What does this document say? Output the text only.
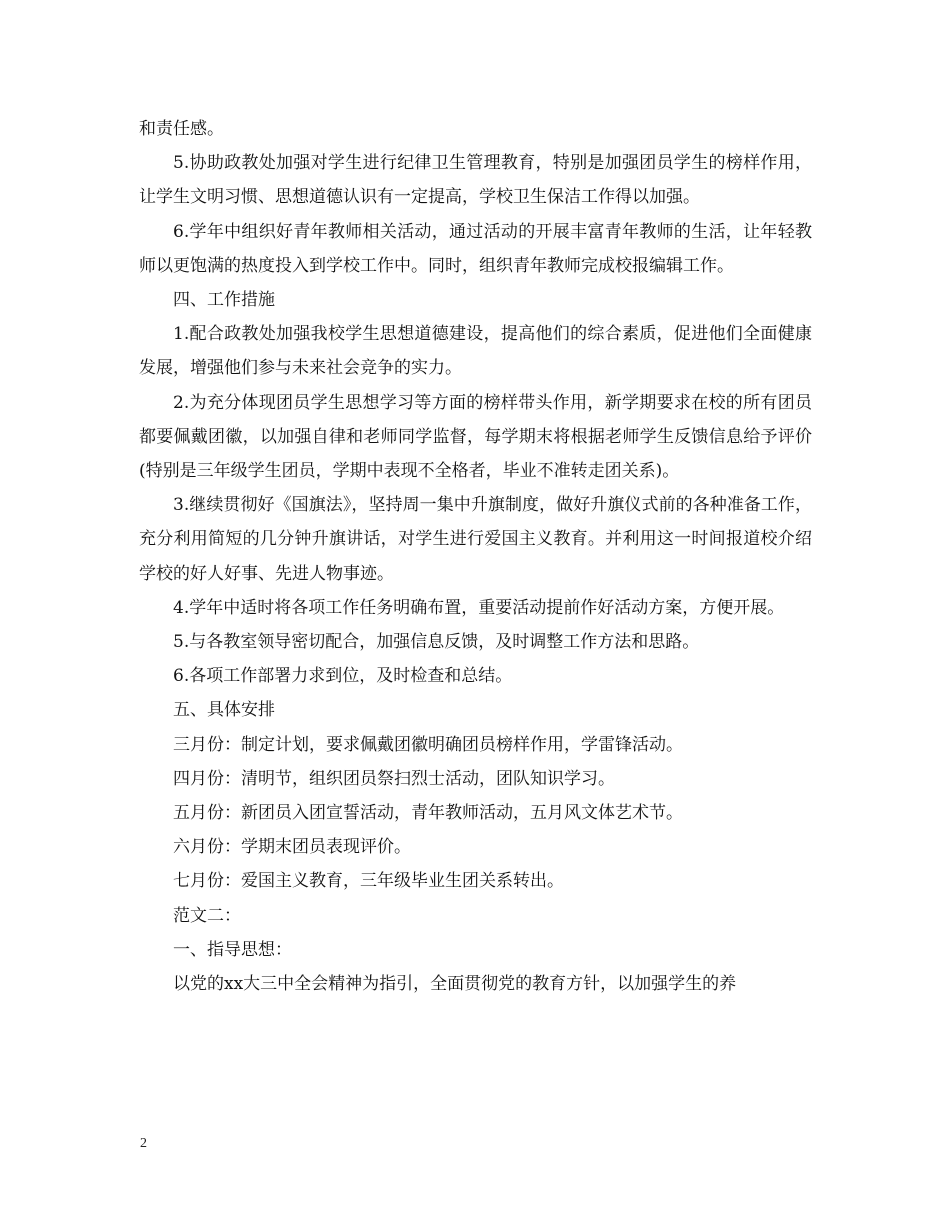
和责任感。

5.协助政教处加强对学生进行纪律卫生管理教育，特别是加强团员学生的榜样作用，让学生文明习惯、思想道德认识有一定提高，学校卫生保洁工作得以加强。

6.学年中组织好青年教师相关活动，通过活动的开展丰富青年教师的生活，让年轻教师以更饱满的热度投入到学校工作中。同时，组织青年教师完成校报编辑工作。

四、工作措施

1.配合政教处加强我校学生思想道德建设，提高他们的综合素质，促进他们全面健康发展，增强他们参与未来社会竞争的实力。

2.为充分体现团员学生思想学习等方面的榜样带头作用，新学期要求在校的所有团员都要佩戴团徽，以加强自律和老师同学监督，每学期末将根据老师学生反馈信息给予评价(特别是三年级学生团员，学期中表现不全格者，毕业不准转走团关系)。

3.继续贯彻好《国旗法》，坚持周一集中升旗制度，做好升旗仪式前的各种准备工作，充分利用简短的几分钟升旗讲话，对学生进行爱国主义教育。并利用这一时间报道校介绍学校的好人好事、先进人物事迹。

4.学年中适时将各项工作任务明确布置，重要活动提前作好活动方案，方便开展。

5.与各教室领导密切配合，加强信息反馈，及时调整工作方法和思路。

6.各项工作部署力求到位，及时检查和总结。

五、具体安排

三月份：制定计划，要求佩戴团徽明确团员榜样作用，学雷锋活动。

四月份：清明节，组织团员祭扫烈士活动，团队知识学习。

五月份：新团员入团宣誓活动，青年教师活动，五月风文体艺术节。

六月份：学期末团员表现评价。

七月份：爱国主义教育，三年级毕业生团关系转出。

范文二：

一、指导思想：

以党的xx大三中全会精神为指引，全面贯彻党的教育方针，以加强学生的养

2
